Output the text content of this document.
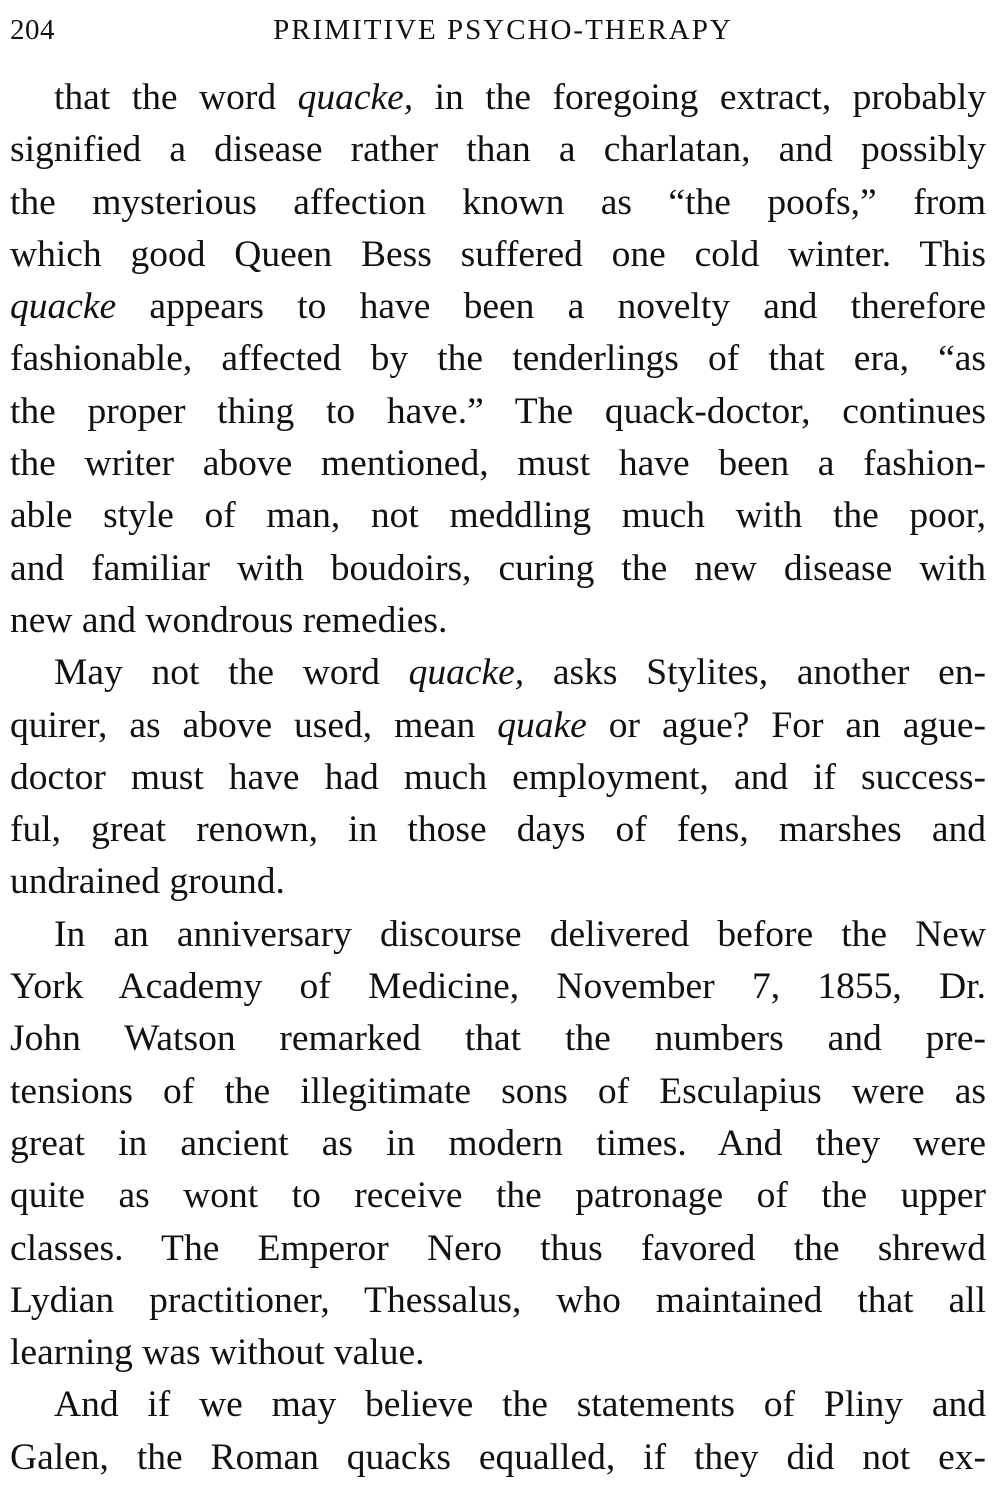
204	PRIMITIVE PSYCHO-THERAPY
that the word quacke, in the foregoing extract, probably
signified a disease rather than a charlatan, and possibly
the mysterious affection known as “the poofs,” from
which good Queen Bess suffered one cold winter. This
quacke appears to have been a novelty and therefore
fashionable, affected by the tenderlings of that era, “as
the proper thing to have.” The quack-doctor, continues
the writer above mentioned, must have been a fashion-
able style of man, not meddling much with the poor,
and familiar with boudoirs, curing the new disease with
new and wondrous remedies.
May not the word quacke, asks Stylites, another en-
quirer, as above used, mean quake or ague? For an ague-
doctor must have had much employment, and if success-
ful, great renown, in those days of fens, marshes and
undrained ground.
In an anniversary discourse delivered before the New
York Academy of Medicine, November 7, 1855, Dr.
John Watson remarked that the numbers and pre-
tensions of the illegitimate sons of Esculapius were as
great in ancient as in modern times. And they were
quite as wont to receive the patronage of the upper
classes. The Emperor Nero thus favored the shrewd
Lydian practitioner, Thessalus, who maintained that all
learning was without value.
And if we may believe the statements of Pliny and
Galen, the Roman quacks equalled, if they did not ex-
